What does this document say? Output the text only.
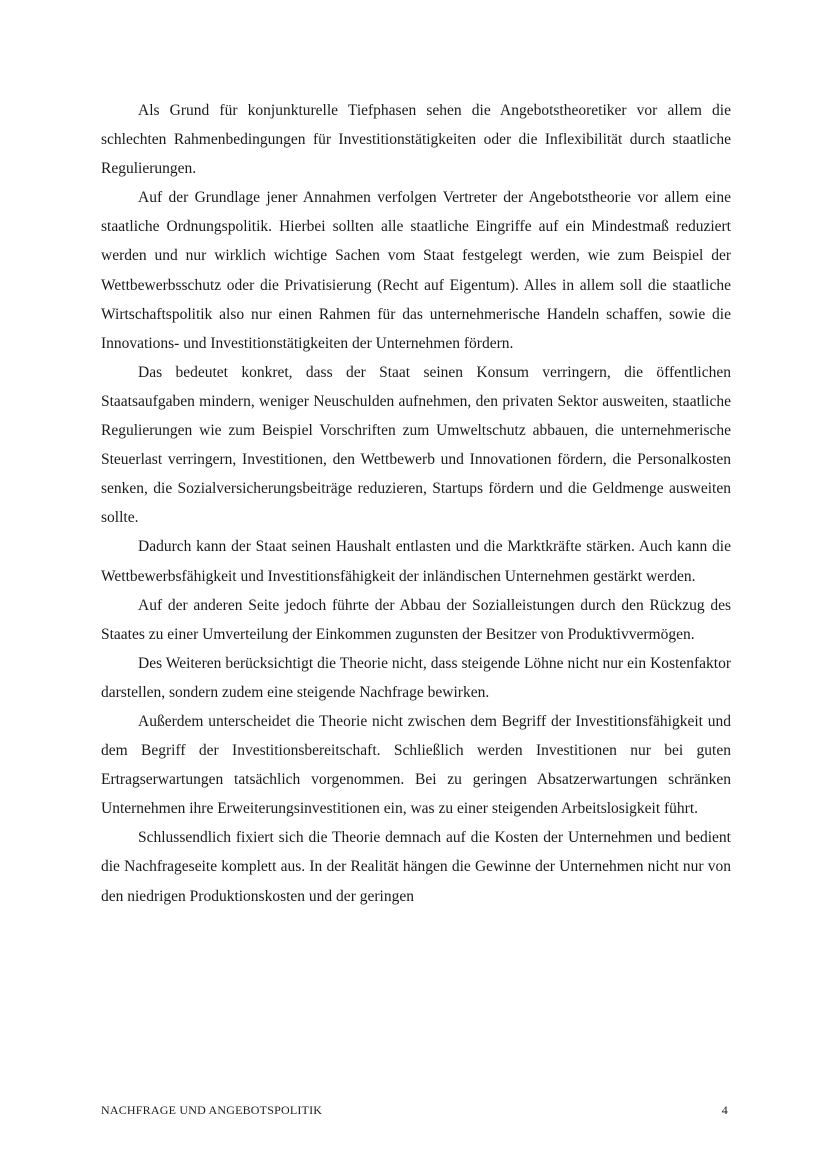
Als Grund für konjunkturelle Tiefphasen sehen die Angebotstheoretiker vor allem die schlechten Rahmenbedingungen für Investitionstätigkeiten oder die Inflexibilität durch staatliche Regulierungen.

Auf der Grundlage jener Annahmen verfolgen Vertreter der Angebotstheorie vor allem eine staatliche Ordnungspolitik. Hierbei sollten alle staatliche Eingriffe auf ein Mindestmaß reduziert werden und nur wirklich wichtige Sachen vom Staat festgelegt werden, wie zum Beispiel der Wettbewerbsschutz oder die Privatisierung (Recht auf Eigentum). Alles in allem soll die staatliche Wirtschaftspolitik also nur einen Rahmen für das unternehmerische Handeln schaffen, sowie die Innovations- und Investitionstätigkeiten der Unternehmen fördern.

Das bedeutet konkret, dass der Staat seinen Konsum verringern, die öffentlichen Staatsaufgaben mindern, weniger Neuschulden aufnehmen, den privaten Sektor ausweiten, staatliche Regulierungen wie zum Beispiel Vorschriften zum Umweltschutz abbauen, die unternehmerische Steuerlast verringern, Investitionen, den Wettbewerb und Innovationen fördern, die Personalkosten senken, die Sozialversicherungsbeiträge reduzieren, Startups fördern und die Geldmenge ausweiten sollte.

Dadurch kann der Staat seinen Haushalt entlasten und die Marktkräfte stärken. Auch kann die Wettbewerbsfähigkeit und Investitionsfähigkeit der inländischen Unternehmen gestärkt werden.

Auf der anderen Seite jedoch führte der Abbau der Sozialleistungen durch den Rückzug des Staates zu einer Umverteilung der Einkommen zugunsten der Besitzer von Produktivvermögen.

Des Weiteren berücksichtigt die Theorie nicht, dass steigende Löhne nicht nur ein Kostenfaktor darstellen, sondern zudem eine steigende Nachfrage bewirken.

Außerdem unterscheidet die Theorie nicht zwischen dem Begriff der Investitionsfähigkeit und dem Begriff der Investitionsbereitschaft. Schließlich werden Investitionen nur bei guten Ertragserwartungen tatsächlich vorgenommen. Bei zu geringen Absatzerwartungen schränken Unternehmen ihre Erweiterungsinvestitionen ein, was zu einer steigenden Arbeitslosigkeit führt.

Schlussendlich fixiert sich die Theorie demnach auf die Kosten der Unternehmen und bedient die Nachfrageseite komplett aus. In der Realität hängen die Gewinne der Unternehmen nicht nur von den niedrigen Produktionskosten und der geringen

NACHFRAGE UND ANGEBOTSPOLITIK	4
